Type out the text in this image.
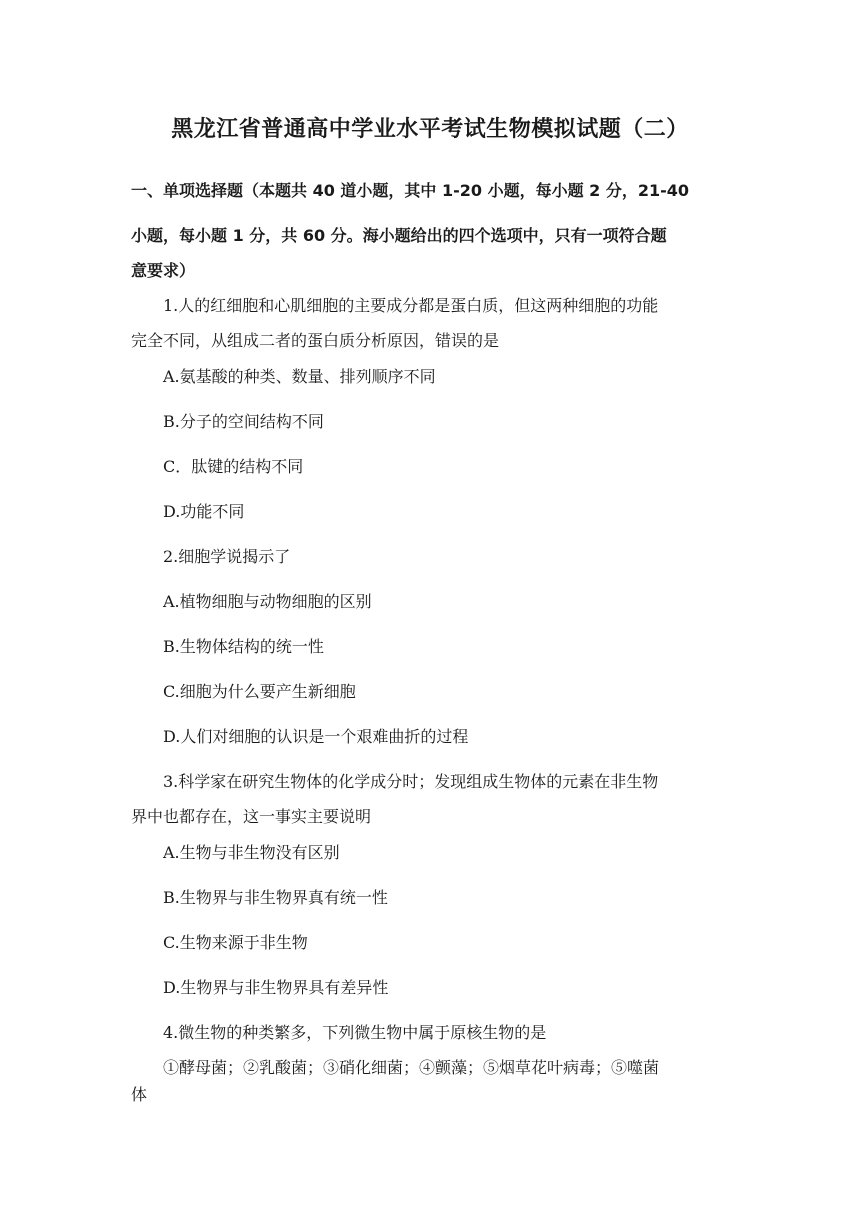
黑龙江省普通高中学业水平考试生物模拟试题（二）
一、单项选择题（本题共 40 道小题，其中 1-20 小题，每小题 2 分，21-40
小题，每小题 1 分，共 60 分。海小题给出的四个选项中，只有一项符合题
意要求）
1.人的红细胞和心肌细胞的主要成分都是蛋白质，但这两种细胞的功能
完全不同，从组成二者的蛋白质分析原因，错误的是
A.氨基酸的种类、数量、排列顺序不同
B.分子的空间结构不同
C．肽键的结构不同
D.功能不同
2.细胞学说揭示了
A.植物细胞与动物细胞的区别
B.生物体结构的统一性
C.细胞为什么要产生新细胞
D.人们对细胞的认识是一个艰难曲折的过程
3.科学家在研究生物体的化学成分时；发现组成生物体的元素在非生物
界中也都存在，这一事实主要说明
A.生物与非生物没有区别
B.生物界与非生物界真有统一性
C.生物来源于非生物
D.生物界与非生物界具有差异性
4.微生物的种类繁多，下列微生物中属于原核生物的是
①酵母菌；②乳酸菌；③硝化细菌；④颤藻；⑤烟草花叶病毒；⑤噬菌
体
